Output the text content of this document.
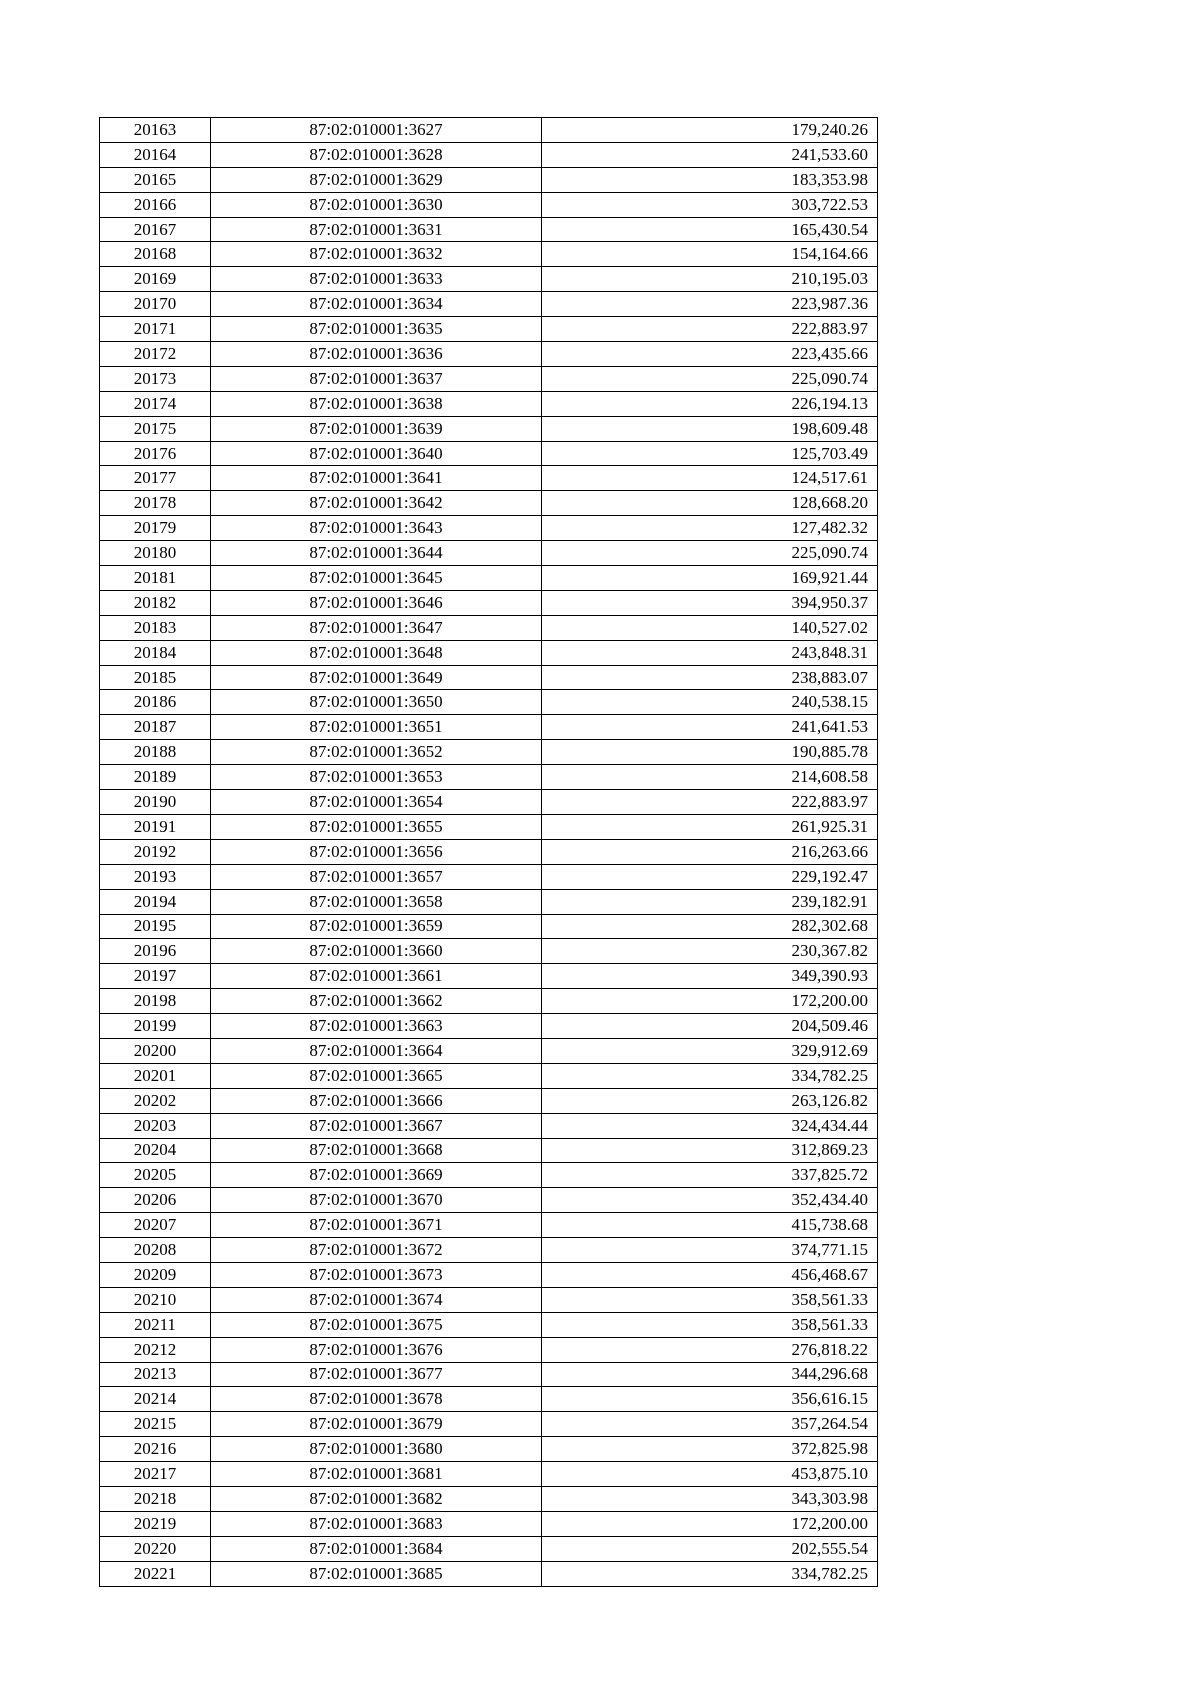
20163	87:02:010001:3627	179,240.26
20164	87:02:010001:3628	241,533.60
20165	87:02:010001:3629	183,353.98
20166	87:02:010001:3630	303,722.53
20167	87:02:010001:3631	165,430.54
20168	87:02:010001:3632	154,164.66
20169	87:02:010001:3633	210,195.03
20170	87:02:010001:3634	223,987.36
20171	87:02:010001:3635	222,883.97
20172	87:02:010001:3636	223,435.66
20173	87:02:010001:3637	225,090.74
20174	87:02:010001:3638	226,194.13
20175	87:02:010001:3639	198,609.48
20176	87:02:010001:3640	125,703.49
20177	87:02:010001:3641	124,517.61
20178	87:02:010001:3642	128,668.20
20179	87:02:010001:3643	127,482.32
20180	87:02:010001:3644	225,090.74
20181	87:02:010001:3645	169,921.44
20182	87:02:010001:3646	394,950.37
20183	87:02:010001:3647	140,527.02
20184	87:02:010001:3648	243,848.31
20185	87:02:010001:3649	238,883.07
20186	87:02:010001:3650	240,538.15
20187	87:02:010001:3651	241,641.53
20188	87:02:010001:3652	190,885.78
20189	87:02:010001:3653	214,608.58
20190	87:02:010001:3654	222,883.97
20191	87:02:010001:3655	261,925.31
20192	87:02:010001:3656	216,263.66
20193	87:02:010001:3657	229,192.47
20194	87:02:010001:3658	239,182.91
20195	87:02:010001:3659	282,302.68
20196	87:02:010001:3660	230,367.82
20197	87:02:010001:3661	349,390.93
20198	87:02:010001:3662	172,200.00
20199	87:02:010001:3663	204,509.46
20200	87:02:010001:3664	329,912.69
20201	87:02:010001:3665	334,782.25
20202	87:02:010001:3666	263,126.82
20203	87:02:010001:3667	324,434.44
20204	87:02:010001:3668	312,869.23
20205	87:02:010001:3669	337,825.72
20206	87:02:010001:3670	352,434.40
20207	87:02:010001:3671	415,738.68
20208	87:02:010001:3672	374,771.15
20209	87:02:010001:3673	456,468.67
20210	87:02:010001:3674	358,561.33
20211	87:02:010001:3675	358,561.33
20212	87:02:010001:3676	276,818.22
20213	87:02:010001:3677	344,296.68
20214	87:02:010001:3678	356,616.15
20215	87:02:010001:3679	357,264.54
20216	87:02:010001:3680	372,825.98
20217	87:02:010001:3681	453,875.10
20218	87:02:010001:3682	343,303.98
20219	87:02:010001:3683	172,200.00
20220	87:02:010001:3684	202,555.54
20221	87:02:010001:3685	334,782.25
